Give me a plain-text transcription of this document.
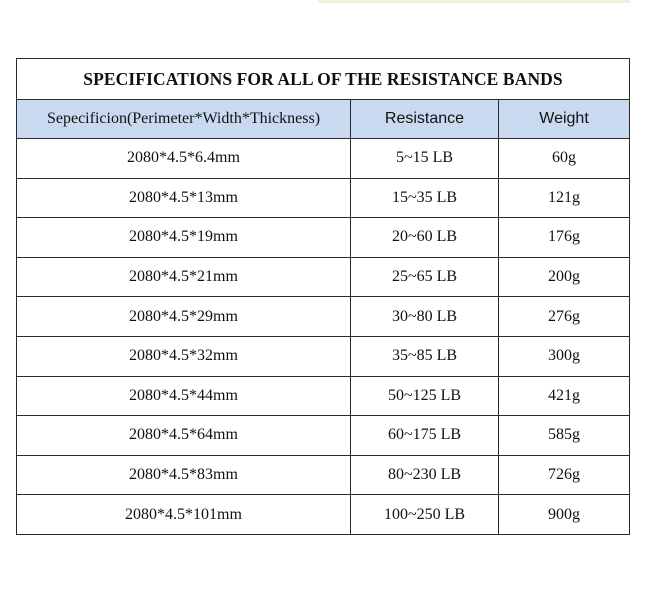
SPECIFICATIONS FOR ALL OF THE RESISTANCE BANDS		
Sepecificion(Perimeter*Width*Thickness)	Resistance	Weight
2080*4.5*6.4mm	5~15 LB	60g
2080*4.5*13mm	15~35 LB	121g
2080*4.5*19mm	20~60 LB	176g
2080*4.5*21mm	25~65 LB	200g
2080*4.5*29mm	30~80 LB	276g
2080*4.5*32mm	35~85 LB	300g
2080*4.5*44mm	50~125 LB	421g
2080*4.5*64mm	60~175 LB	585g
2080*4.5*83mm	80~230 LB	726g
2080*4.5*101mm	100~250 LB	900g
